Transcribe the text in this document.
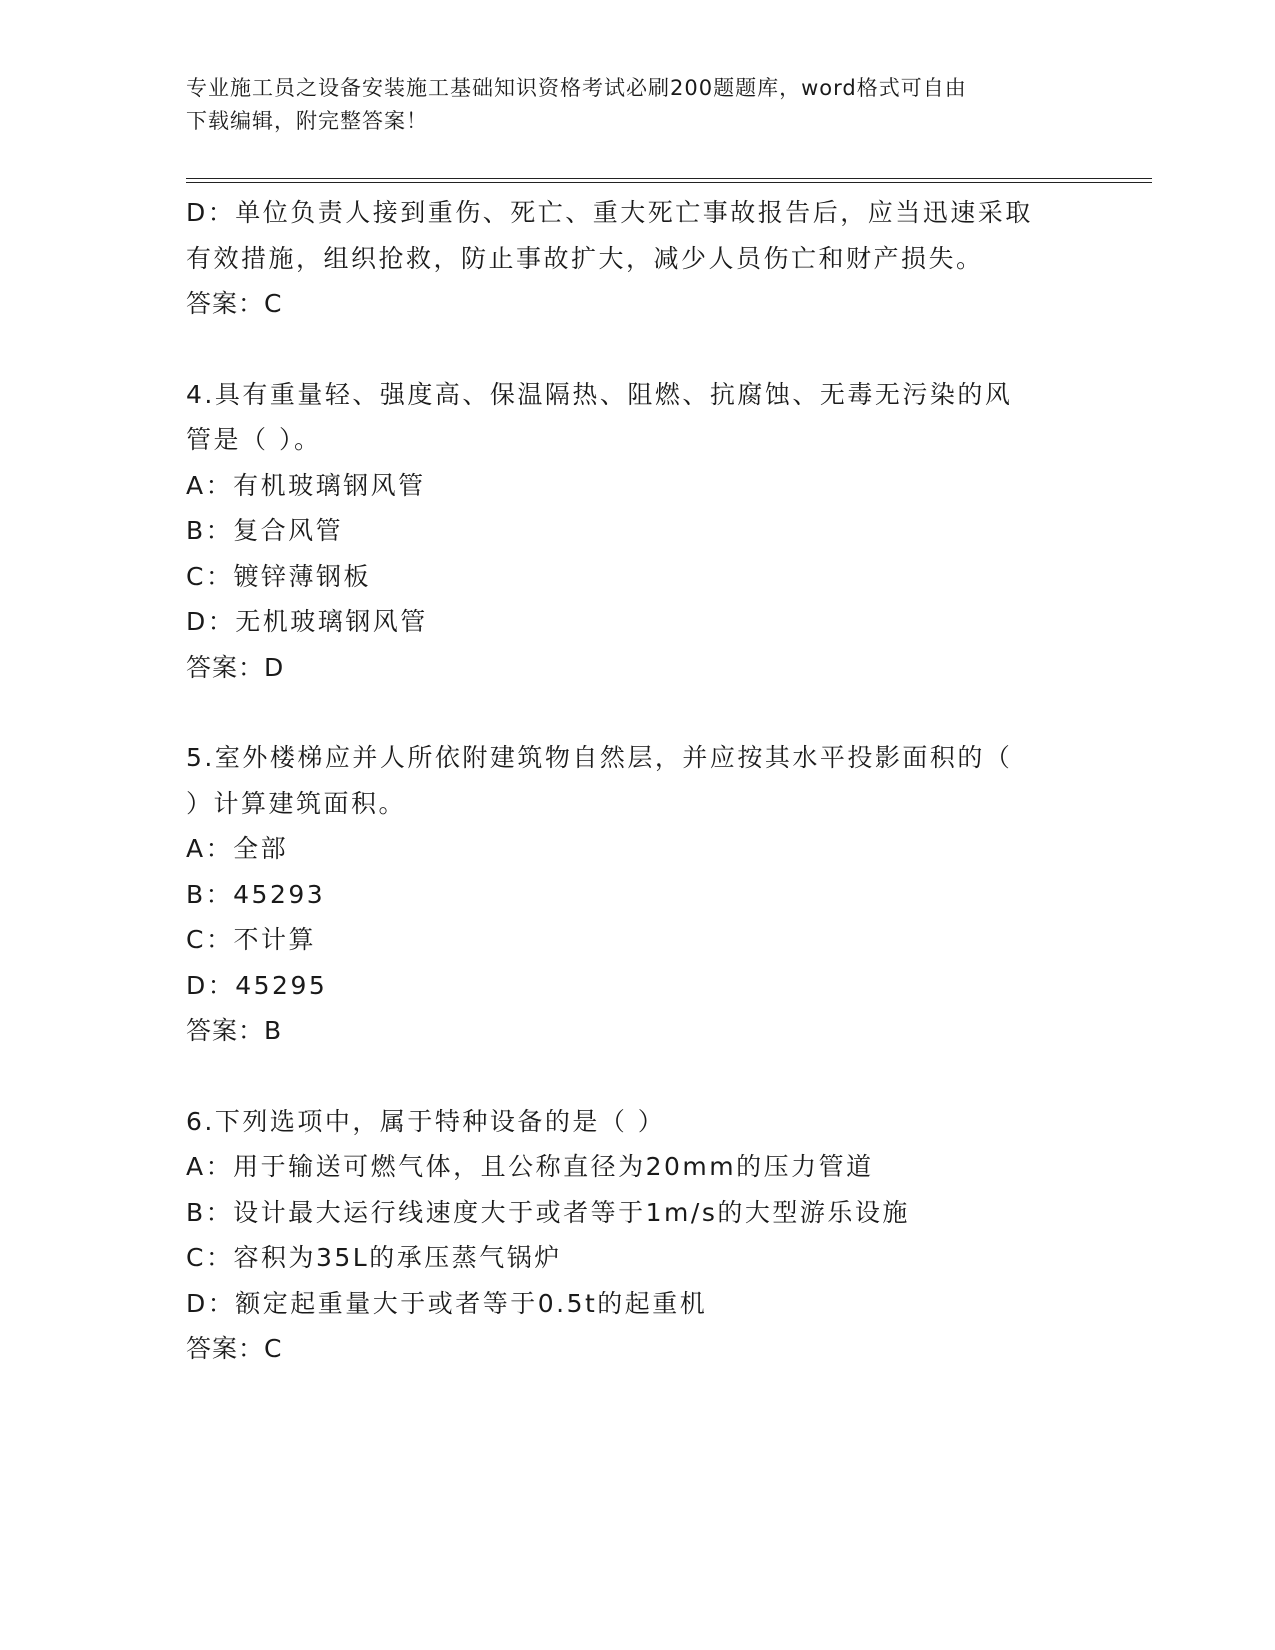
专业施工员之设备安装施工基础知识资格考试必刷200题题库，word格式可自由
下载编辑，附完整答案！
D：单位负责人接到重伤、死亡、重大死亡事故报告后，应当迅速采取
有效措施，组织抢救，防止事故扩大，减少人员伤亡和财产损失。
答案：C
4.具有重量轻、强度高、保温隔热、阻燃、抗腐蚀、无毒无污染的风
管是（ ）。
A：有机玻璃钢风管
B：复合风管
C：镀锌薄钢板
D：无机玻璃钢风管
答案：D
5.室外楼梯应并人所依附建筑物自然层，并应按其水平投影面积的（
）计算建筑面积。
A：全部
B：45293
C：不计算
D：45295
答案：B
6.下列选项中，属于特种设备的是（ ）
A：用于输送可燃气体，且公称直径为20mm的压力管道
B：设计最大运行线速度大于或者等于1m/s的大型游乐设施
C：容积为35L的承压蒸气锅炉
D：额定起重量大于或者等于0.5t的起重机
答案：C
